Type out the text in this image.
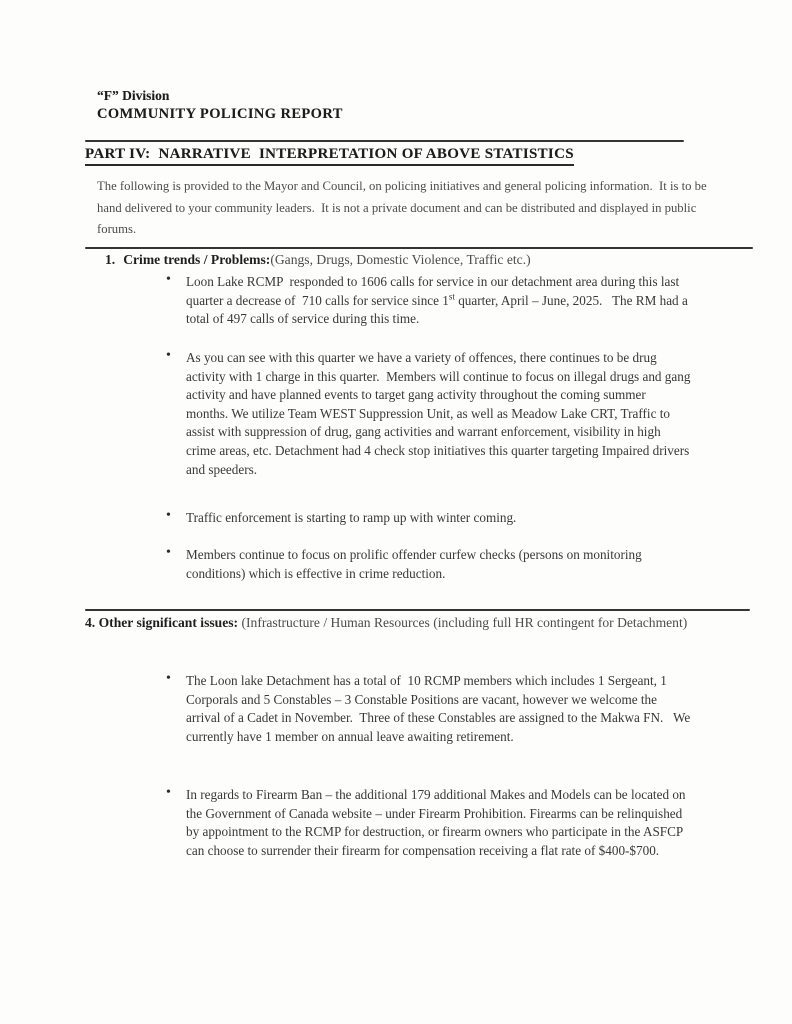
“F” Division
COMMUNITY POLICING REPORT
PART IV:  NARRATIVE  INTERPRETATION OF ABOVE STATISTICS

The following is provided to the Mayor and Council, on policing initiatives and general policing information.  It is to be hand delivered to your community leaders.  It is not a private document and can be distributed and displayed in public forums.

1. Crime trends / Problems:(Gangs, Drugs, Domestic Violence, Traffic etc.)
• Loon Lake RCMP  responded to 1606 calls for service in our detachment area during this last quarter a decrease of  710 calls for service since 1st quarter, April – June, 2025.   The RM had a total of 497 calls of service during this time.
• As you can see with this quarter we have a variety of offences, there continues to be drug activity with 1 charge in this quarter.  Members will continue to focus on illegal drugs and gang activity and have planned events to target gang activity throughout the coming summer months. We utilize Team WEST Suppression Unit, as well as Meadow Lake CRT, Traffic to assist with suppression of drug, gang activities and warrant enforcement, visibility in high crime areas, etc. Detachment had 4 check stop initiatives this quarter targeting Impaired drivers and speeders.
• Traffic enforcement is starting to ramp up with winter coming.
• Members continue to focus on prolific offender curfew checks (persons on monitoring conditions) which is effective in crime reduction.
4. Other significant issues: (Infrastructure / Human Resources (including full HR contingent for Detachment)
• The Loon lake Detachment has a total of  10 RCMP members which includes 1 Sergeant, 1 Corporals and 5 Constables – 3 Constable Positions are vacant, however we welcome the arrival of a Cadet in November.  Three of these Constables are assigned to the Makwa FN.   We currently have 1 member on annual leave awaiting retirement.
• In regards to Firearm Ban – the additional 179 additional Makes and Models can be located on the Government of Canada website – under Firearm Prohibition. Firearms can be relinquished by appointment to the RCMP for destruction, or firearm owners who participate in the ASFCP can choose to surrender their firearm for compensation receiving a flat rate of $400-$700.
